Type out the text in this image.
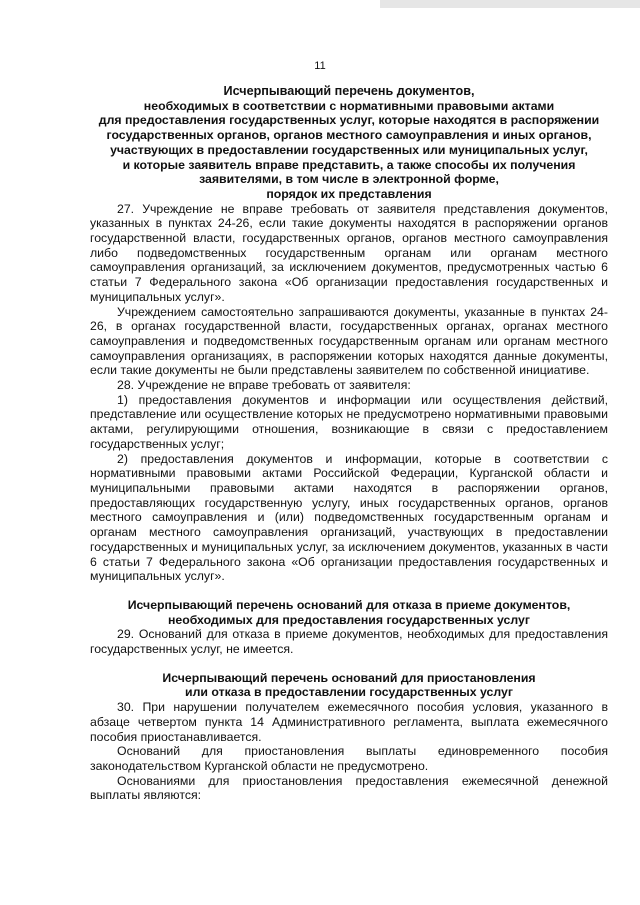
11
Исчерпывающий перечень документов,
необходимых в соответствии с нормативными правовыми актами
для предоставления государственных услуг, которые находятся в распоряжении
государственных органов, органов местного самоуправления и иных органов,
участвующих в предоставлении государственных или муниципальных услуг,
и которые заявитель вправе представить, а также способы их получения
заявителями, в том числе в электронной форме,
порядок их представления

27. Учреждение не вправе требовать от заявителя представления документов, указанных в пунктах 24-26, если такие документы находятся в распоряжении органов государственной власти, государственных органов, органов местного самоуправления либо подведомственных государственным органам или органам местного самоуправления организаций, за исключением документов, предусмотренных частью 6 статьи 7 Федерального закона «Об организации предоставления государственных и муниципальных услуг».

Учреждением самостоятельно запрашиваются документы, указанные в пунктах 24-26, в органах государственной власти, государственных органах, органах местного самоуправления и подведомственных государственным органам или органам местного самоуправления организациях, в распоряжении которых находятся данные документы, если такие документы не были представлены заявителем по собственной инициативе.

28. Учреждение не вправе требовать от заявителя:

1) предоставления документов и информации или осуществления действий, представление или осуществление которых не предусмотрено нормативными правовыми актами, регулирующими отношения, возникающие в связи с предоставлением государственных услуг;

2) предоставления документов и информации, которые в соответствии с нормативными правовыми актами Российской Федерации, Курганской области и муниципальными правовыми актами находятся в распоряжении органов, предоставляющих государственную услугу, иных государственных органов, органов местного самоуправления и (или) подведомственных государственным органам и органам местного самоуправления организаций, участвующих в предоставлении государственных и муниципальных услуг, за исключением документов, указанных в части 6 статьи 7 Федерального закона «Об организации предоставления государственных и муниципальных услуг».

Исчерпывающий перечень оснований для отказа в приеме документов,
необходимых для предоставления государственных услуг

29. Оснований для отказа в приеме документов, необходимых для предоставления государственных услуг, не имеется.

Исчерпывающий перечень оснований для приостановления
или отказа в предоставлении государственных услуг

30. При нарушении получателем ежемесячного пособия условия, указанного в абзаце четвертом пункта 14 Административного регламента, выплата ежемесячного пособия приостанавливается.

Оснований для приостановления выплаты единовременного пособия законодательством Курганской области не предусмотрено.

Основаниями для приостановления предоставления ежемесячной денежной выплаты являются:
